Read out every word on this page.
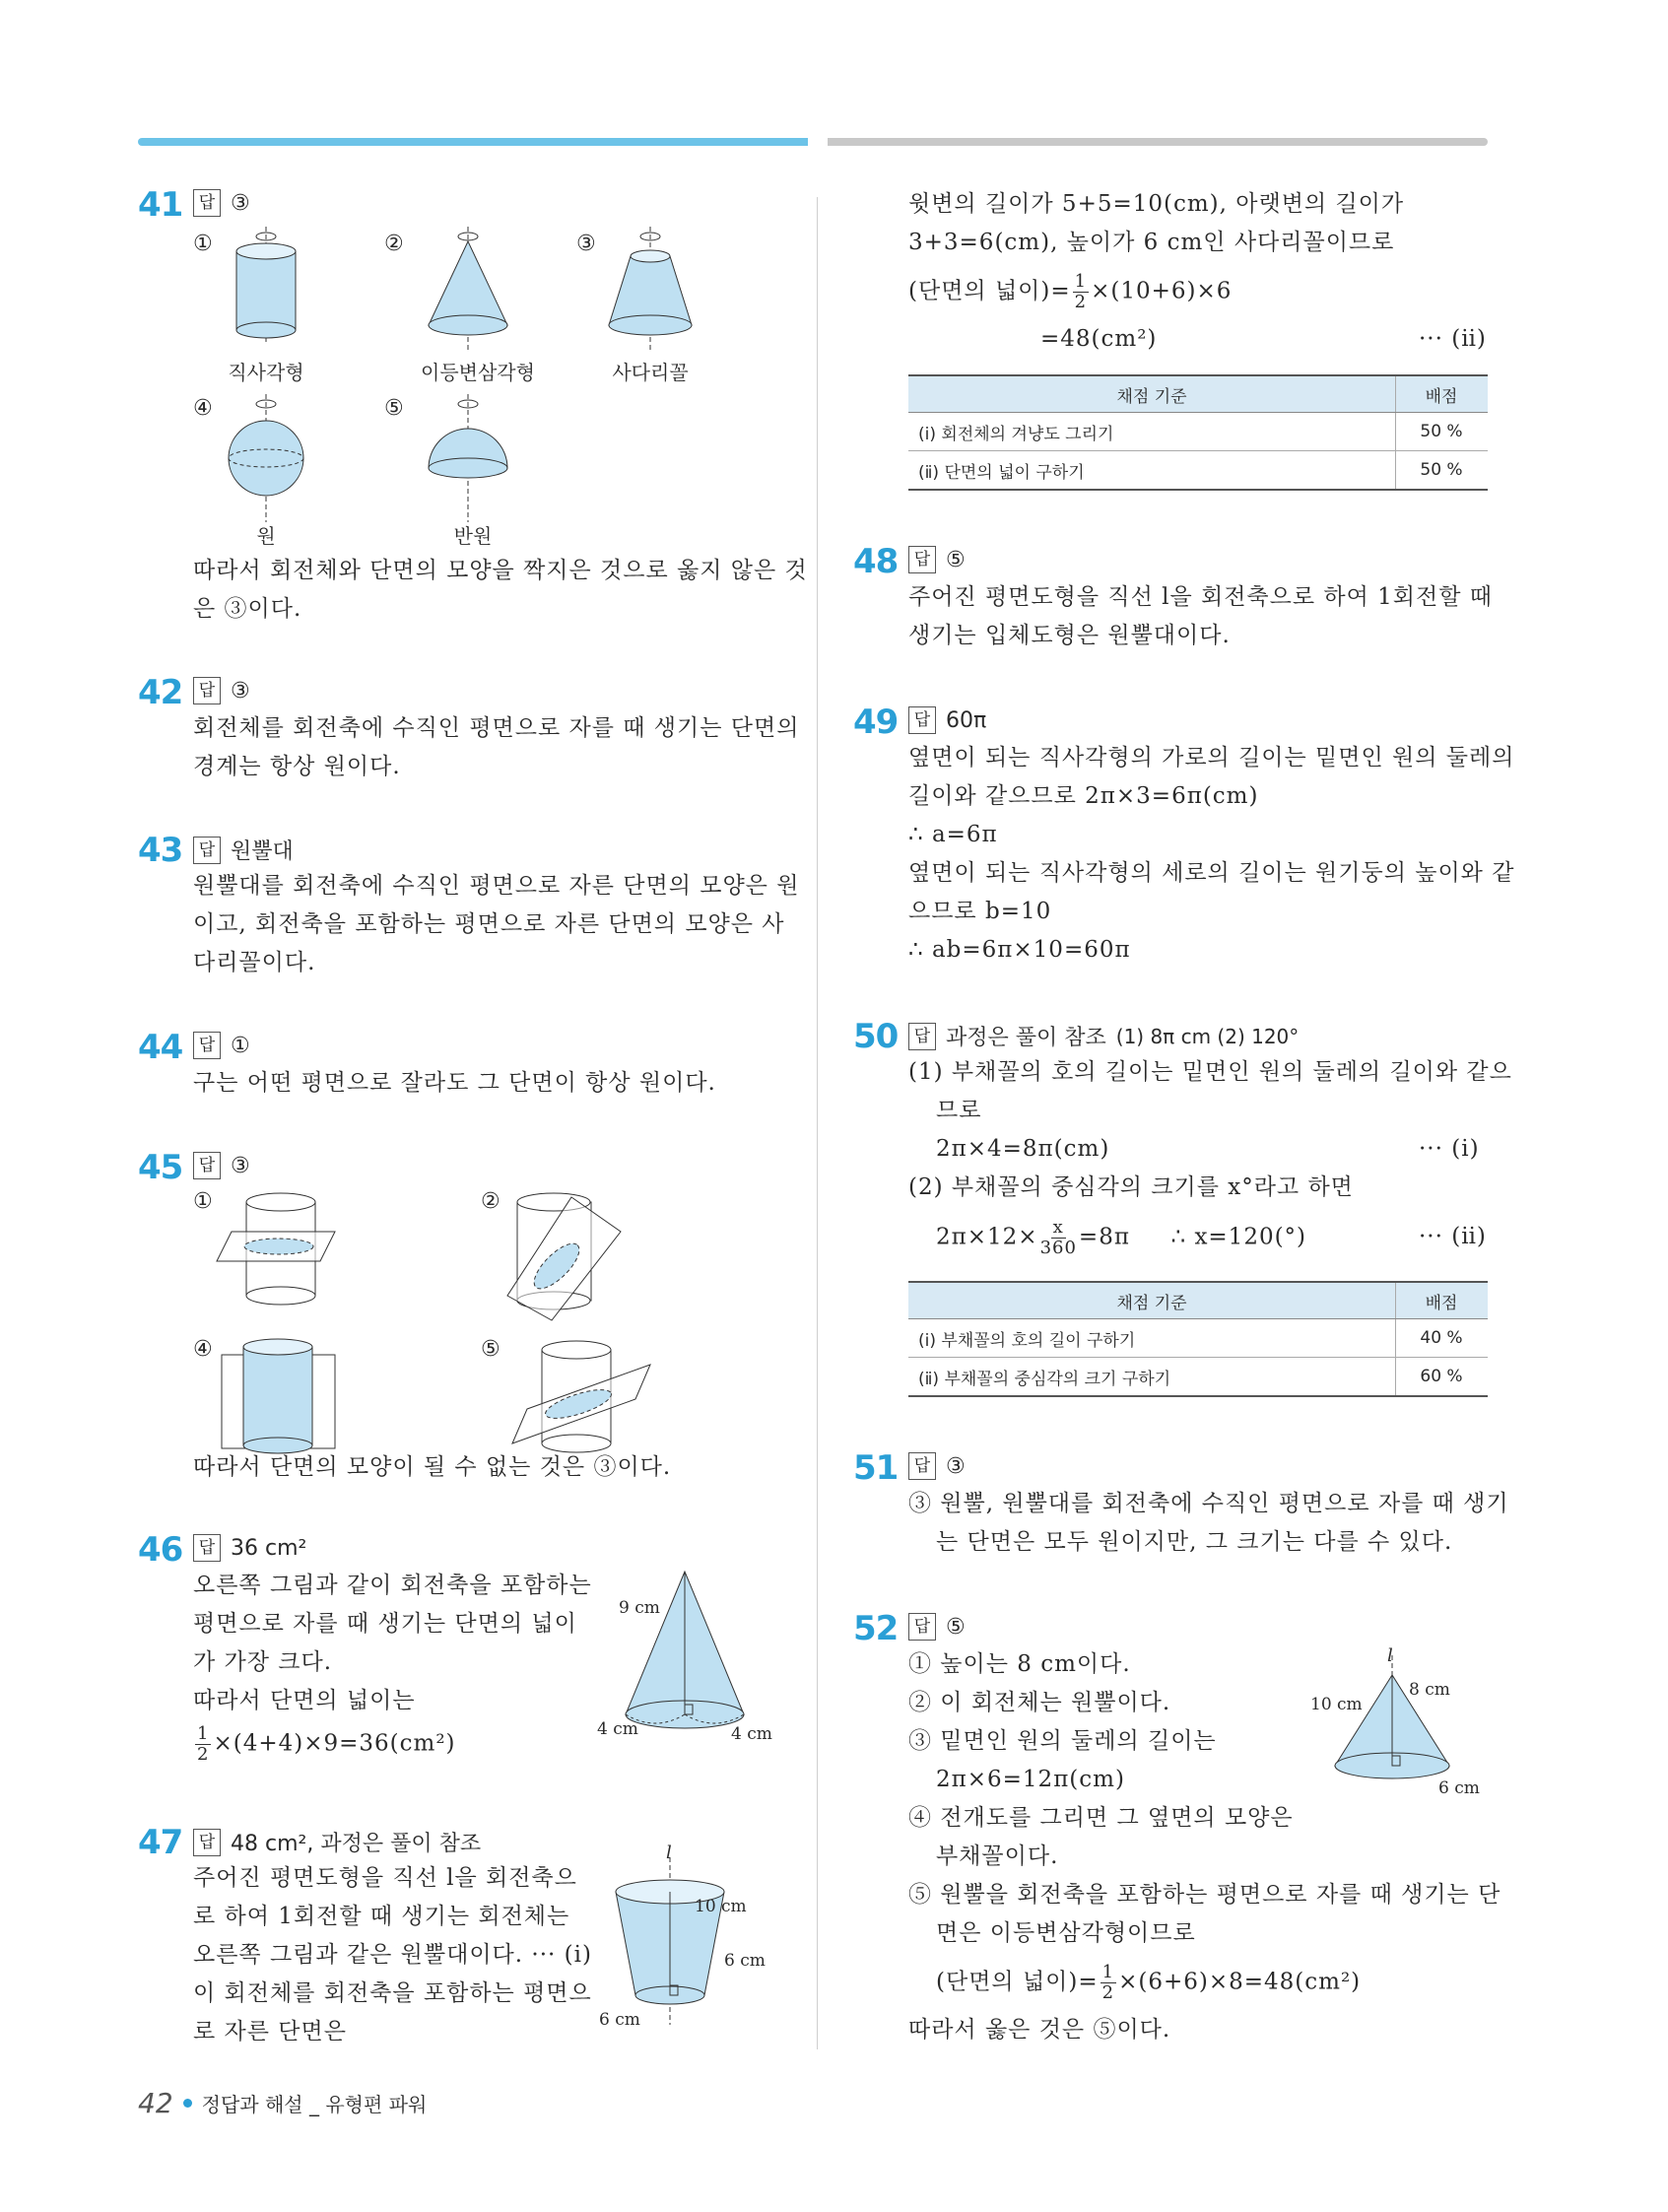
41 답 ③
①	②	③
④	⑤
직사각형	이등변삼각형	사다리꼴
원	반원
따라서 회전체와 단면의 모양을 짝지은 것으로 옳지 않은 것
은 ③이다.
42 답 ③
회전체를 회전축에 수직인 평면으로 자를 때 생기는 단면의
경계는 항상 원이다.
43 답 원뿔대
원뿔대를 회전축에 수직인 평면으로 자른 단면의 모양은 원
이고, 회전축을 포함하는 평면으로 자른 단면의 모양은 사
다리꼴이다.
44 답 ①
구는 어떤 평면으로 잘라도 그 단면이 항상 원이다.
45 답 ③
①	②
④	⑤
따라서 단면의 모양이 될 수 없는 것은 ③이다.
46 답 36 cm²
오른쪽 그림과 같이 회전축을 포함하는
평면으로 자를 때 생기는 단면의 넓이
가 가장 크다.
따라서 단면의 넓이는
$\frac{1}{2} \times(4+4)\times 9=36(cm^2)$
9 cm
4 cm	4 cm
47 답 48 cm², 과정은 풀이 참조
주어진 평면도형을 직선 l을 회전축으
로 하여 1회전할 때 생기는 회전체는
오른쪽 그림과 같은 원뿔대이다. ··· (ⅰ)
이 회전체를 회전축을 포함하는 평면으
로 자른 단면은
l
10 cm
6 cm
6 cm
윗변의 길이가 5+5=10(cm), 아랫변의 길이가
3+3=6(cm), 높이가 6 cm인 사다리꼴이므로
(단면의 넓이)= $\frac{1}{2} \times(10+6)\times 6$
=48(cm²)	··· (ⅱ)
채점 기준	배점
(ⅰ) 회전체의 겨냥도 그리기	50 %
(ⅱ) 단면의 넓이 구하기	50 %
48 답 ⑤
주어진 평면도형을 직선 l을 회전축으로 하여 1회전할 때
생기는 입체도형은 원뿔대이다.
49 답 60π
옆면이 되는 직사각형의 가로의 길이는 밑면인 원의 둘레의
길이와 같으므로 2π×3=6π(cm)
∴ a=6π
옆면이 되는 직사각형의 세로의 길이는 원기둥의 높이와 같
으므로 b=10
∴ ab=6π×10=60π
50 답 과정은 풀이 참조 (1) 8π cm (2) 120°
(1) 부채꼴의 호의 길이는 밑면인 원의 둘레의 길이와 같으
므로
2π×4=8π(cm)	··· (ⅰ)
(2) 부채꼴의 중심각의 크기를 x°라고 하면
$2\pi\times 12\times \frac{x}{360} =8\pi$     ∴ x=120(°)	··· (ⅱ)
채점 기준	배점
(ⅰ) 부채꼴의 호의 길이 구하기	40 %
(ⅱ) 부채꼴의 중심각의 크기 구하기	60 %
51 답 ③
③ 원뿔, 원뿔대를 회전축에 수직인 평면으로 자를 때 생기
는 단면은 모두 원이지만, 그 크기는 다를 수 있다.
52 답 ⑤
① 높이는 8 cm이다.
② 이 회전체는 원뿔이다.
③ 밑면인 원의 둘레의 길이는
2π×6=12π(cm)
④ 전개도를 그리면 그 옆면의 모양은
부채꼴이다.
⑤ 원뿔을 회전축을 포함하는 평면으로 자를 때 생기는 단
면은 이등변삼각형이므로
(단면의 넓이)= $\frac{1}{2} \times(6+6)\times 8=48(cm^2)$
따라서 옳은 것은 ⑤이다.
l
10 cm
8 cm
6 cm
42 정답과 해설 _ 유형편 파워
